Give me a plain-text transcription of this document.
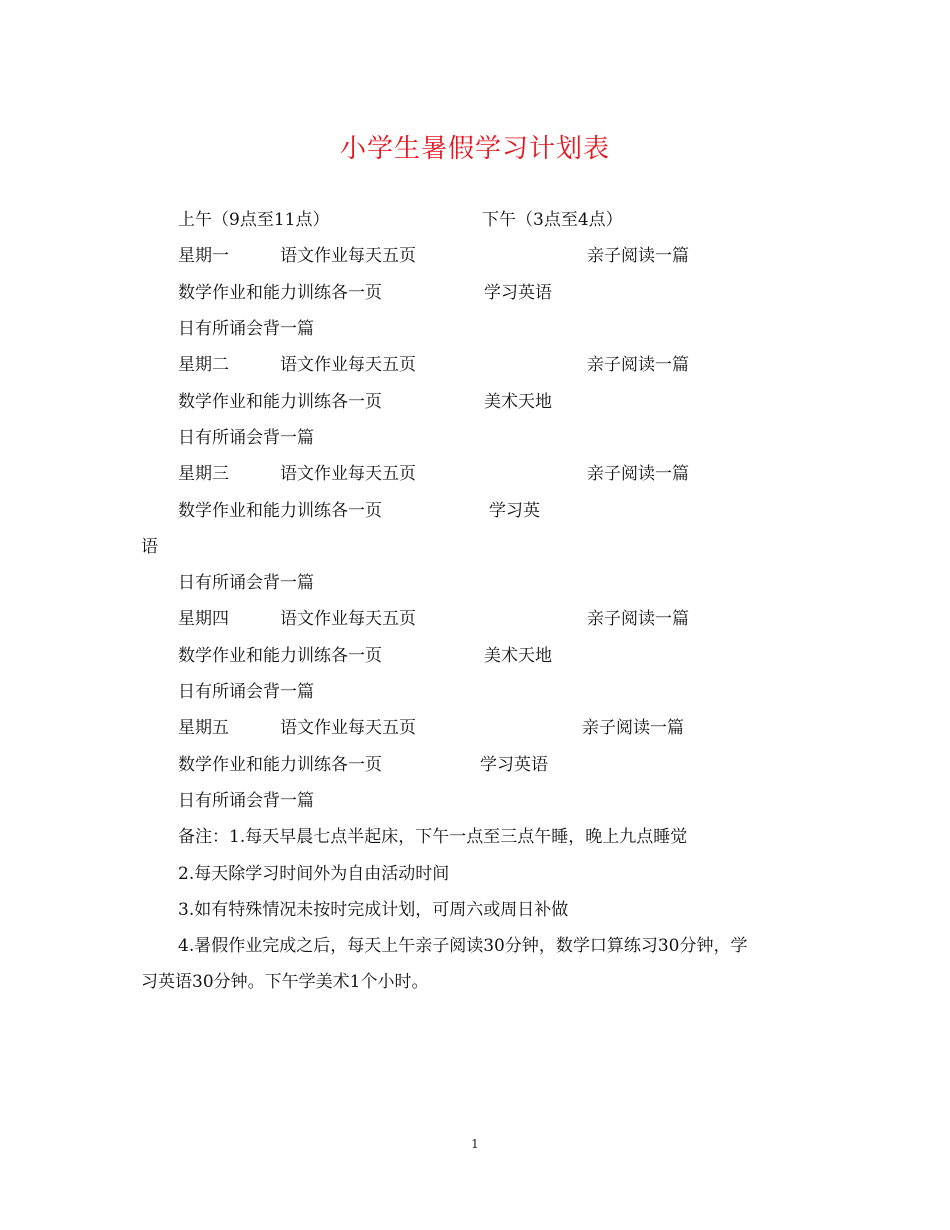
小学生暑假学习计划表
上午（9点至11点）	下午（3点至4点）
星期一	语文作业每天五页	亲子阅读一篇
数学作业和能力训练各一页	学习英语
日有所诵会背一篇
星期二	语文作业每天五页	亲子阅读一篇
数学作业和能力训练各一页	美术天地
日有所诵会背一篇
星期三	语文作业每天五页	亲子阅读一篇
数学作业和能力训练各一页	学习英
语
日有所诵会背一篇
星期四	语文作业每天五页	亲子阅读一篇
数学作业和能力训练各一页	美术天地
日有所诵会背一篇
星期五	语文作业每天五页	亲子阅读一篇
数学作业和能力训练各一页	学习英语
日有所诵会背一篇
备注：1.每天早晨七点半起床，下午一点至三点午睡，晚上九点睡觉
2.每天除学习时间外为自由活动时间
3.如有特殊情况未按时完成计划，可周六或周日补做
4.暑假作业完成之后，每天上午亲子阅读30分钟，数学口算练习30分钟，学
习英语30分钟。下午学美术1个小时。
1
